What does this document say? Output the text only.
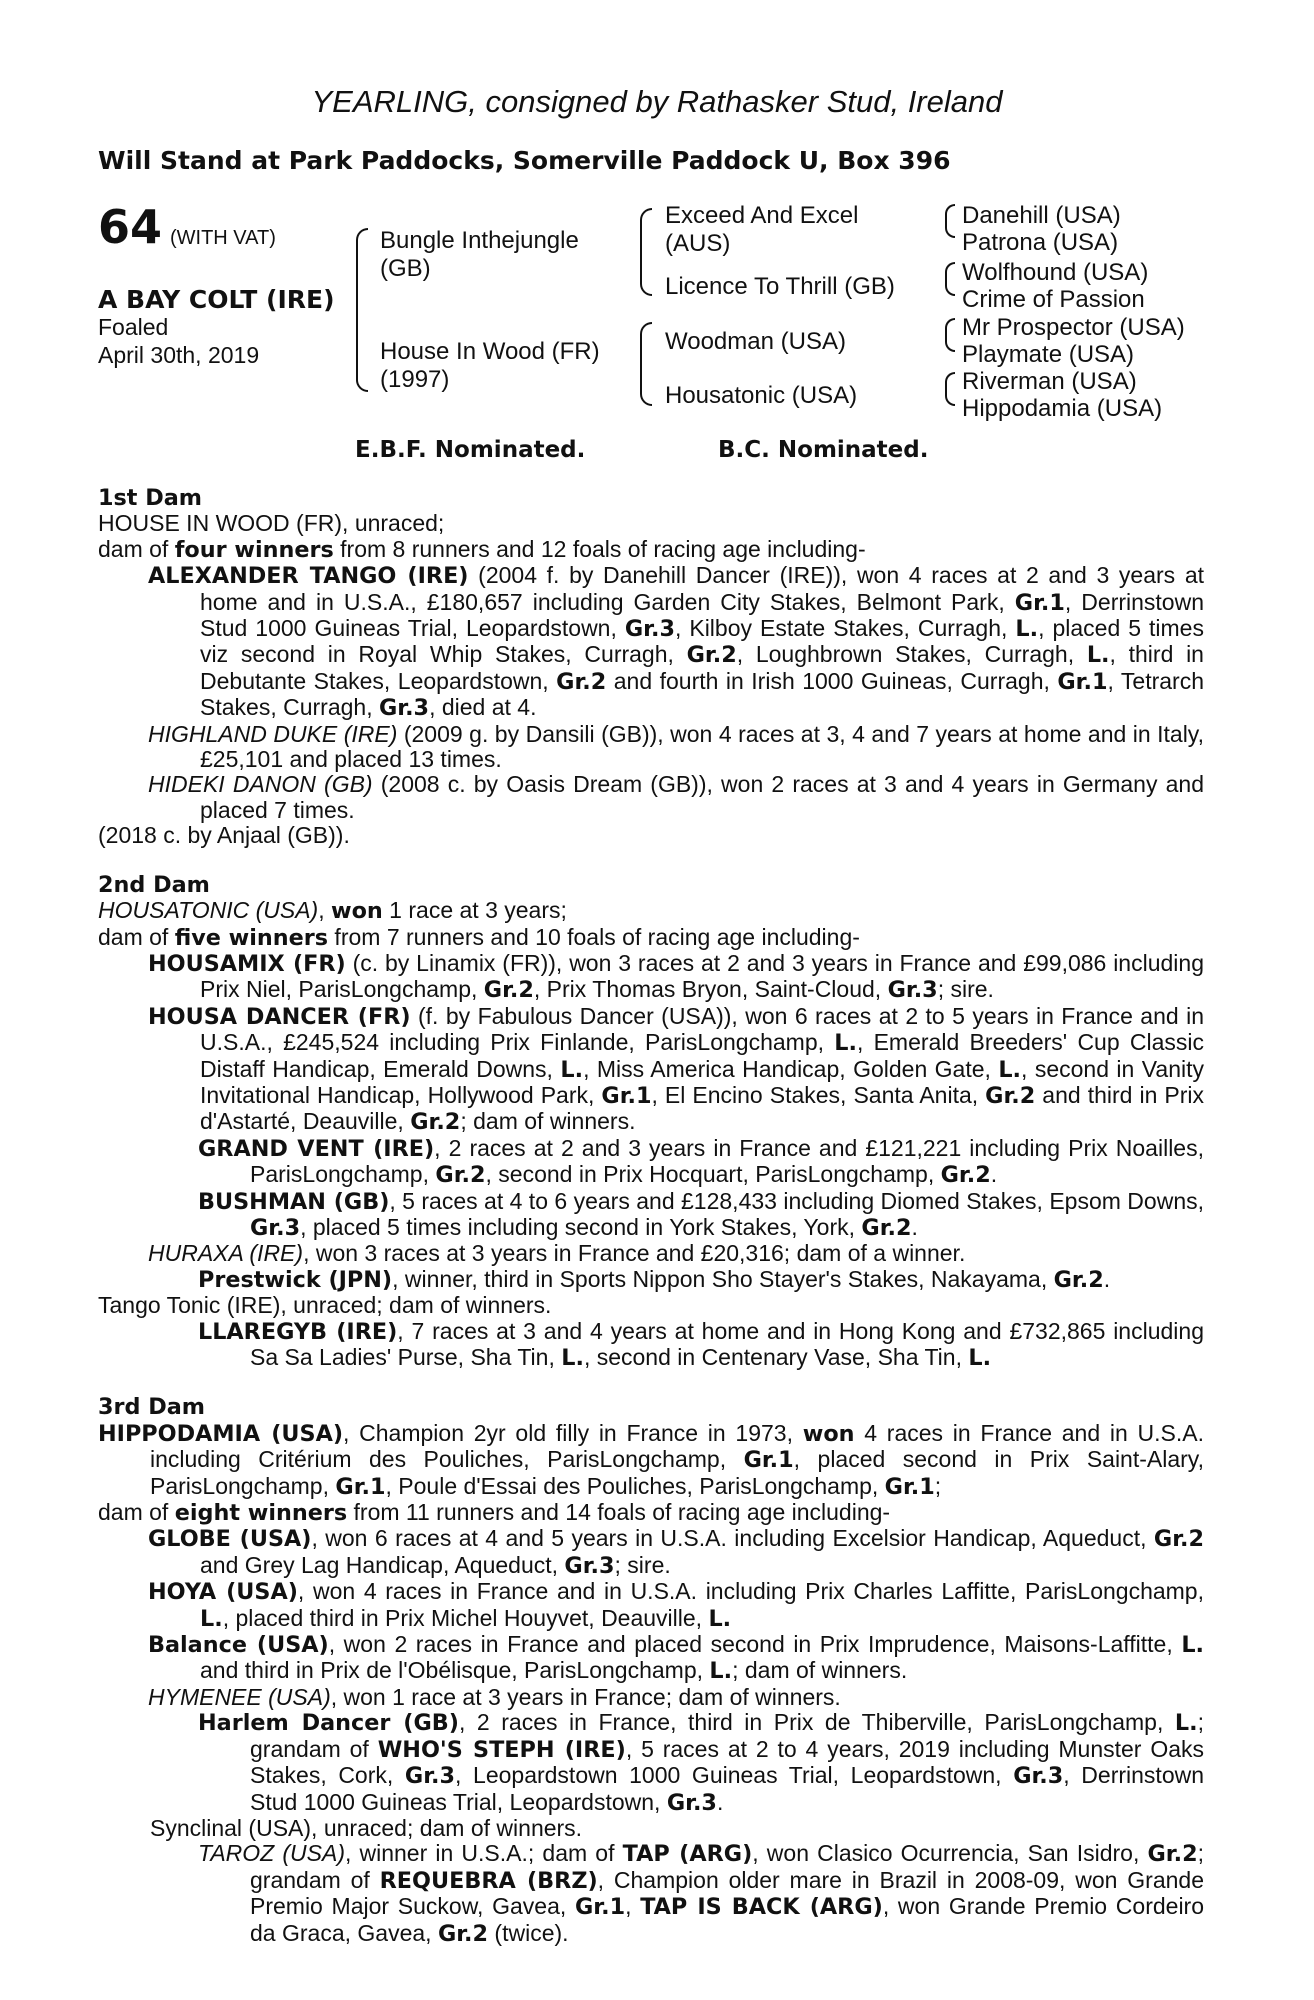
YEARLING, consigned by Rathasker Stud, Ireland
Will Stand at Park Paddocks, Somerville Paddock U, Box 396
64 (WITH VAT)
A BAY COLT (IRE)
Foaled
April 30th, 2019
Bungle Inthejungle
(GB)
House In Wood (FR)
(1997)
Exceed And Excel
(AUS)
Licence To Thrill (GB)
Woodman (USA)
Housatonic (USA)
Danehill (USA)
Patrona (USA)
Wolfhound (USA)
Crime of Passion
Mr Prospector (USA)
Playmate (USA)
Riverman (USA)
Hippodamia (USA)
E.B.F. Nominated.	B.C. Nominated.
1st Dam
HOUSE IN WOOD (FR), unraced;
dam of four winners from 8 runners and 12 foals of racing age including-
ALEXANDER TANGO (IRE) (2004 f. by Danehill Dancer (IRE)), won 4 races at 2 and 3 years at home and in U.S.A., £180,657 including Garden City Stakes, Belmont Park, Gr.1, Derrinstown Stud 1000 Guineas Trial, Leopardstown, Gr.3, Kilboy Estate Stakes, Curragh, L., placed 5 times viz second in Royal Whip Stakes, Curragh, Gr.2, Loughbrown Stakes, Curragh, L., third in Debutante Stakes, Leopardstown, Gr.2 and fourth in Irish 1000 Guineas, Curragh, Gr.1, Tetrarch Stakes, Curragh, Gr.3, died at 4.
HIGHLAND DUKE (IRE) (2009 g. by Dansili (GB)), won 4 races at 3, 4 and 7 years at home and in Italy, £25,101 and placed 13 times.
HIDEKI DANON (GB) (2008 c. by Oasis Dream (GB)), won 2 races at 3 and 4 years in Germany and placed 7 times.
(2018 c. by Anjaal (GB)).
2nd Dam
HOUSATONIC (USA), won 1 race at 3 years;
dam of five winners from 7 runners and 10 foals of racing age including-
HOUSAMIX (FR) (c. by Linamix (FR)), won 3 races at 2 and 3 years in France and £99,086 including Prix Niel, ParisLongchamp, Gr.2, Prix Thomas Bryon, Saint-Cloud, Gr.3; sire.
HOUSA DANCER (FR) (f. by Fabulous Dancer (USA)), won 6 races at 2 to 5 years in France and in U.S.A., £245,524 including Prix Finlande, ParisLongchamp, L., Emerald Breeders' Cup Classic Distaff Handicap, Emerald Downs, L., Miss America Handicap, Golden Gate, L., second in Vanity Invitational Handicap, Hollywood Park, Gr.1, El Encino Stakes, Santa Anita, Gr.2 and third in Prix d'Astarté, Deauville, Gr.2; dam of winners.
GRAND VENT (IRE), 2 races at 2 and 3 years in France and £121,221 including Prix Noailles, ParisLongchamp, Gr.2, second in Prix Hocquart, ParisLongchamp, Gr.2.
BUSHMAN (GB), 5 races at 4 to 6 years and £128,433 including Diomed Stakes, Epsom Downs, Gr.3, placed 5 times including second in York Stakes, York, Gr.2.
HURAXA (IRE), won 3 races at 3 years in France and £20,316; dam of a winner.
Prestwick (JPN), winner, third in Sports Nippon Sho Stayer's Stakes, Nakayama, Gr.2.
Tango Tonic (IRE), unraced; dam of winners.
LLAREGYB (IRE), 7 races at 3 and 4 years at home and in Hong Kong and £732,865 including Sa Sa Ladies' Purse, Sha Tin, L., second in Centenary Vase, Sha Tin, L.
3rd Dam
HIPPODAMIA (USA), Champion 2yr old filly in France in 1973, won 4 races in France and in U.S.A. including Critérium des Pouliches, ParisLongchamp, Gr.1, placed second in Prix Saint-Alary, ParisLongchamp, Gr.1, Poule d'Essai des Pouliches, ParisLongchamp, Gr.1;
dam of eight winners from 11 runners and 14 foals of racing age including-
GLOBE (USA), won 6 races at 4 and 5 years in U.S.A. including Excelsior Handicap, Aqueduct, Gr.2 and Grey Lag Handicap, Aqueduct, Gr.3; sire.
HOYA (USA), won 4 races in France and in U.S.A. including Prix Charles Laffitte, ParisLongchamp, L., placed third in Prix Michel Houyvet, Deauville, L.
Balance (USA), won 2 races in France and placed second in Prix Imprudence, Maisons-Laffitte, L. and third in Prix de l'Obélisque, ParisLongchamp, L.; dam of winners.
HYMENEE (USA), won 1 race at 3 years in France; dam of winners.
Harlem Dancer (GB), 2 races in France, third in Prix de Thiberville, ParisLongchamp, L.; grandam of WHO'S STEPH (IRE), 5 races at 2 to 4 years, 2019 including Munster Oaks Stakes, Cork, Gr.3, Leopardstown 1000 Guineas Trial, Leopardstown, Gr.3, Derrinstown Stud 1000 Guineas Trial, Leopardstown, Gr.3.
Synclinal (USA), unraced; dam of winners.
TAROZ (USA), winner in U.S.A.; dam of TAP (ARG), won Clasico Ocurrencia, San Isidro, Gr.2; grandam of REQUEBRA (BRZ), Champion older mare in Brazil in 2008-09, won Grande Premio Major Suckow, Gavea, Gr.1, TAP IS BACK (ARG), won Grande Premio Cordeiro da Graca, Gavea, Gr.2 (twice).
